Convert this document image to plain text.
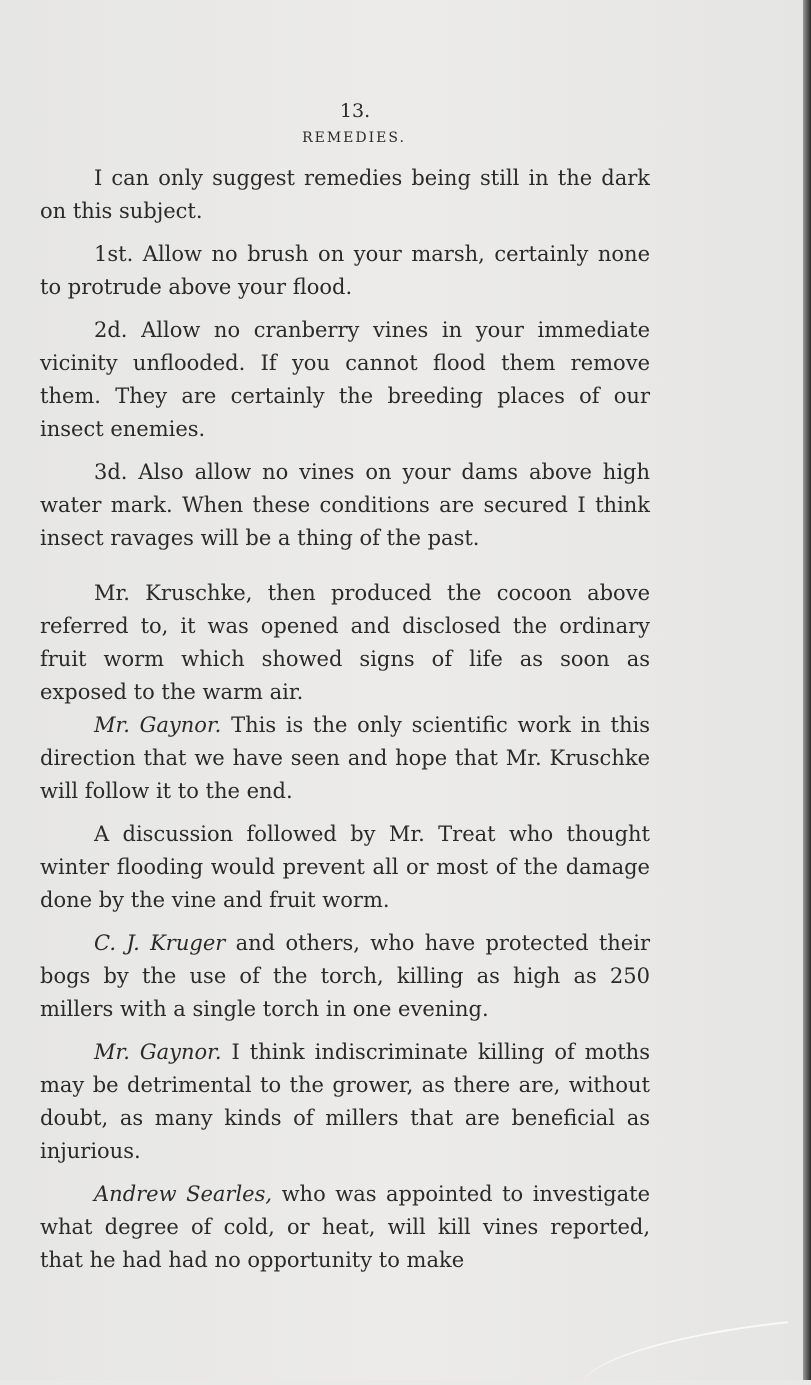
13.
REMEDIES.

I can only suggest remedies being still in the dark on this subject.

1st. Allow no brush on your marsh, certainly none to protrude above your flood.

2d. Allow no cranberry vines in your immediate vicinity unflooded. If you cannot flood them remove them. They are certainly the breeding places of our insect enemies.

3d. Also allow no vines on your dams above high water mark. When these conditions are secured I think insect ravages will be a thing of the past.

Mr. Kruschke, then produced the cocoon above referred to, it was opened and disclosed the ordinary fruit worm which showed signs of life as soon as exposed to the warm air.

Mr. Gaynor. This is the only scientific work in this direction that we have seen and hope that Mr. Kruschke will follow it to the end.

A discussion followed by Mr. Treat who thought winter flooding would prevent all or most of the damage done by the vine and fruit worm.

C. J. Kruger and others, who have protected their bogs by the use of the torch, killing as high as 250 millers with a single torch in one evening.

Mr. Gaynor. I think indiscriminate killing of moths may be detrimental to the grower, as there are, without doubt, as many kinds of millers that are beneficial as injurious.

Andrew Searles, who was appointed to investigate what degree of cold, or heat, will kill vines reported, that he had had no opportunity to make
